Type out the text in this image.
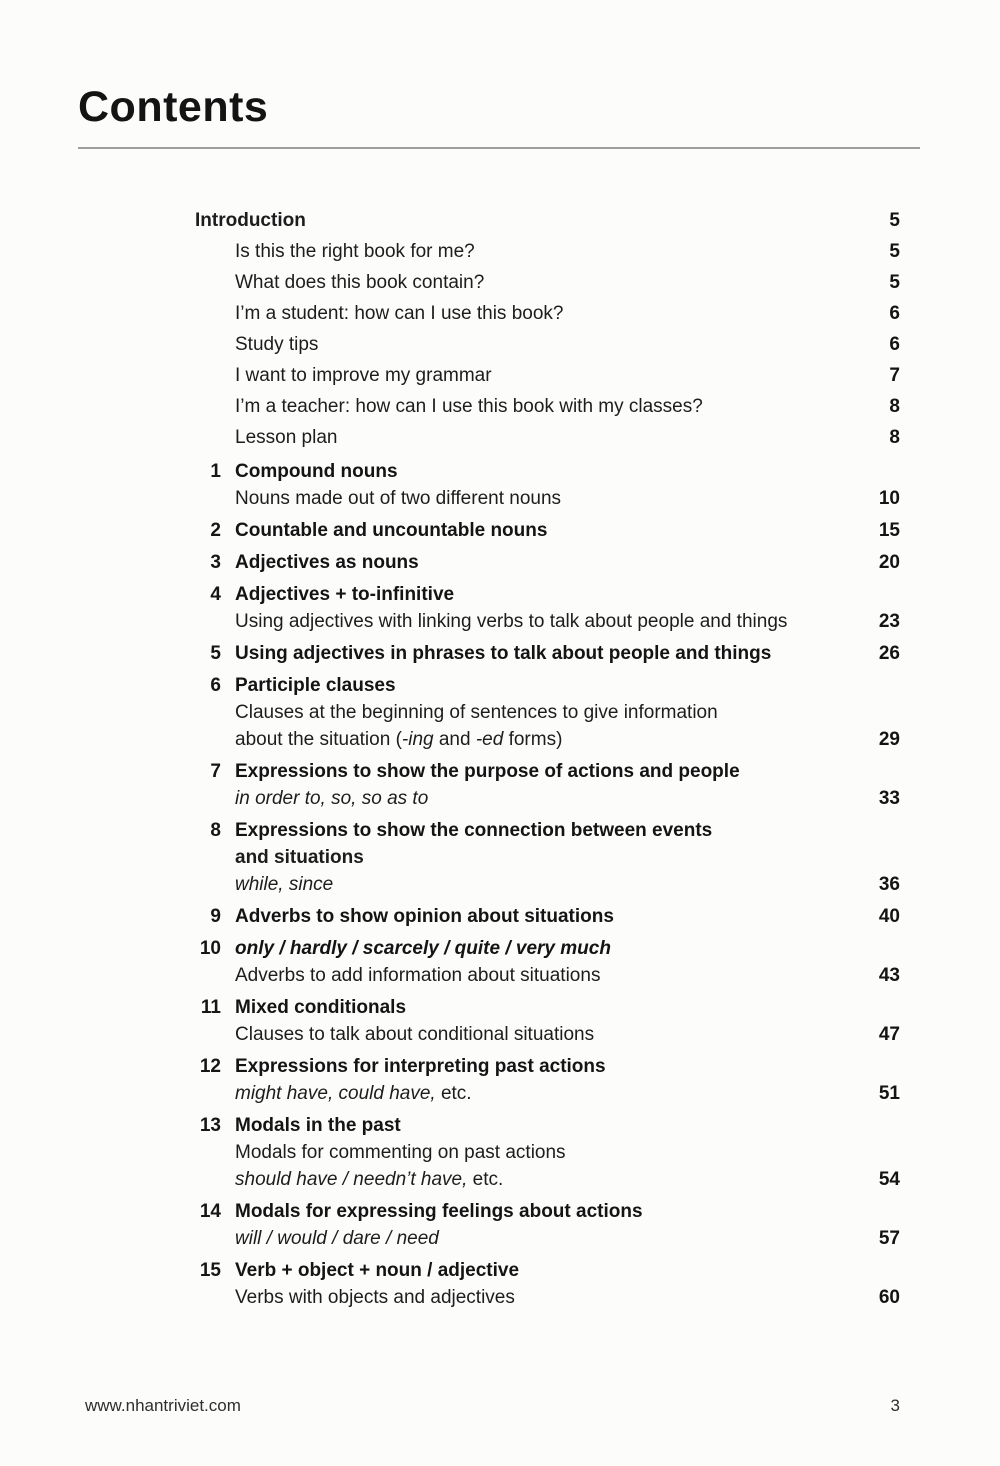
Contents
Introduction	5
Is this the right book for me?	5
What does this book contain?	5
I’m a student: how can I use this book?	6
Study tips	6
I want to improve my grammar	7
I’m a teacher: how can I use this book with my classes?	8
Lesson plan	8
1 Compound nouns
Nouns made out of two different nouns	10
2 Countable and uncountable nouns	15
3 Adjectives as nouns	20
4 Adjectives + to-infinitive
Using adjectives with linking verbs to talk about people and things	23
5 Using adjectives in phrases to talk about people and things	26
6 Participle clauses
Clauses at the beginning of sentences to give information
about the situation (-ing and -ed forms)	29
7 Expressions to show the purpose of actions and people
in order to, so, so as to	33
8 Expressions to show the connection between events
and situations
while, since	36
9 Adverbs to show opinion about situations	40
10 only / hardly / scarcely / quite / very much
Adverbs to add information about situations	43
11 Mixed conditionals
Clauses to talk about conditional situations	47
12 Expressions for interpreting past actions
might have, could have, etc.	51
13 Modals in the past
Modals for commenting on past actions
should have / needn’t have, etc.	54
14 Modals for expressing feelings about actions
will / would / dare / need	57
15 Verb + object + noun / adjective
Verbs with objects and adjectives	60
www.nhantriviet.com	3
